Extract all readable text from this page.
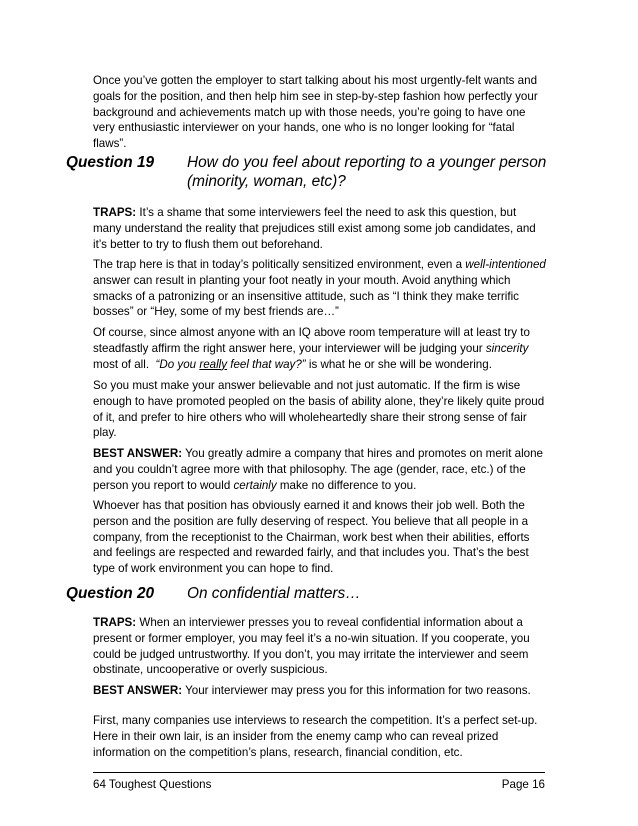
Once you’ve gotten the employer to start talking about his most urgently-felt wants and
goals for the position, and then help him see in step-by-step fashion how perfectly your
background and achievements match up with those needs, you’re going to have one
very enthusiastic interviewer on your hands, one who is no longer looking for “fatal
flaws”.

Question 19 How do you feel about reporting to a younger person
(minority, woman, etc)?

TRAPS: It’s a shame that some interviewers feel the need to ask this question, but
many understand the reality that prejudices still exist among some job candidates, and
it’s better to try to flush them out beforehand.

The trap here is that in today’s politically sensitized environment, even a well-intentioned
answer can result in planting your foot neatly in your mouth. Avoid anything which
smacks of a patronizing or an insensitive attitude, such as “I think they make terrific
bosses” or “Hey, some of my best friends are…”

Of course, since almost anyone with an IQ above room temperature will at least try to
steadfastly affirm the right answer here, your interviewer will be judging your sincerity
most of all.  “Do you really feel that way?” is what he or she will be wondering.

So you must make your answer believable and not just automatic. If the firm is wise
enough to have promoted peopled on the basis of ability alone, they’re likely quite proud
of it, and prefer to hire others who will wholeheartedly share their strong sense of fair
play.

BEST ANSWER: You greatly admire a company that hires and promotes on merit alone
and you couldn’t agree more with that philosophy. The age (gender, race, etc.) of the
person you report to would certainly make no difference to you.

Whoever has that position has obviously earned it and knows their job well. Both the
person and the position are fully deserving of respect. You believe that all people in a
company, from the receptionist to the Chairman, work best when their abilities, efforts
and feelings are respected and rewarded fairly, and that includes you. That’s the best
type of work environment you can hope to find.

Question 20 On confidential matters…

TRAPS: When an interviewer presses you to reveal confidential information about a
present or former employer, you may feel it’s a no-win situation. If you cooperate, you
could be judged untrustworthy. If you don’t, you may irritate the interviewer and seem
obstinate, uncooperative or overly suspicious.

BEST ANSWER: Your interviewer may press you for this information for two reasons.

First, many companies use interviews to research the competition. It’s a perfect set-up.
Here in their own lair, is an insider from the enemy camp who can reveal prized
information on the competition’s plans, research, financial condition, etc.

64 Toughest Questions	Page 16
